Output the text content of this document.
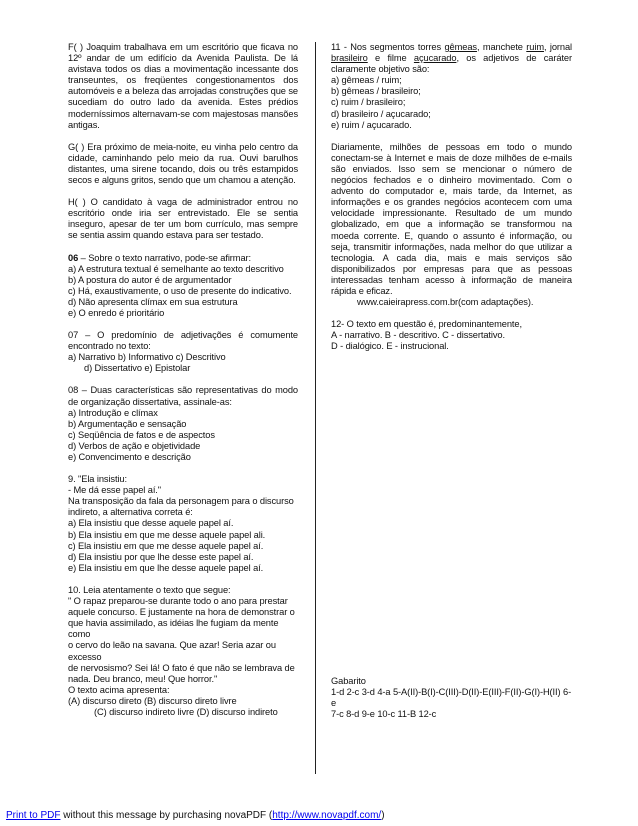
F( ) Joaquim trabalhava em um escritório que ficava no 12º andar de um edifício da Avenida Paulista. De lá avistava todos os dias a movimentação incessante dos transeuntes, os freqüentes congestionamentos dos automóveis e a beleza das arrojadas construções que se sucediam do outro lado da avenida. Estes prédios moderníssimos alternavam-se com majestosas mansões antigas.

G( ) Era próximo de meia-noite, eu vinha pelo centro da cidade, caminhando pelo meio da rua. Ouvi barulhos distantes, uma sirene tocando, dois ou três estampidos secos e alguns gritos, sendo que um chamou a atenção.

H( ) O candidato à vaga de administrador entrou no escritório onde iria ser entrevistado. Ele se sentia inseguro, apesar de ter um bom currículo, mas sempre se sentia assim quando estava para ser testado.

06 – Sobre o texto narrativo, pode-se afirmar:
a) A estrutura textual é semelhante ao texto descritivo
b) A postura do autor é de argumentador
c) Há, exaustivamente, o uso de presente do indicativo.
d) Não apresenta clímax em sua estrutura
e) O enredo é prioritário

07 – O predomínio de adjetivações é comumente encontrado no texto:
a) Narrativo b) Informativo c) Descritivo
d) Dissertativo e) Epistolar

08 – Duas características são representativas do modo de organização dissertativa, assinale-as:
a) Introdução e clímax
b) Argumentação e sensação
c) Seqüência de fatos e de aspectos
d) Verbos de ação e objetividade
e) Convencimento e descrição

9. "Ela insistiu:
- Me dá esse papel aí."
Na transposição da fala da personagem para o discurso
indireto, a alternativa correta é:
a) Ela insistiu que desse aquele papel aí.
b) Ela insistiu em que me desse aquele papel ali.
c) Ela insistiu em que me desse aquele papel aí.
d) Ela insistiu por que lhe desse este papel aí.
e) Ela insistiu em que lhe desse aquele papel aí.

10. Leia atentamente o texto que segue:
" O rapaz preparou-se durante todo o ano para prestar
aquele concurso. E justamente na hora de demonstrar o
que havia assimilado, as idéias lhe fugiam da mente como
o cervo do leão na savana. Que azar! Seria azar ou excesso
de nervosismo? Sei lá! O fato é que não se lembrava de
nada. Deu branco, meu! Que horror."
O texto acima apresenta:
(A) discurso direto (B) discurso direto livre
(C) discurso indireto livre (D) discurso indireto

11 - Nos segmentos torres gêmeas, manchete ruim, jornal brasileiro e filme açucarado, os adjetivos de caráter claramente objetivo são:
a) gêmeas / ruim;
b) gêmeas / brasileiro;
c) ruim / brasileiro;
d) brasileiro / açucarado;
e) ruim / açucarado.

Diariamente, milhões de pessoas em todo o mundo conectam-se à Internet e mais de doze milhões de e-mails são enviados. Isso sem se mencionar o número de negócios fechados e o dinheiro movimentado. Com o advento do computador e, mais tarde, da Internet, as informações e os grandes negócios acontecem com uma velocidade impressionante. Resultado de um mundo globalizado, em que a informação se transformou na moeda corrente. E, quando o assunto é informação, ou seja, transmitir informações, nada melhor do que utilizar a tecnologia. A cada dia, mais e mais serviços são disponibilizados por empresas para que as pessoas interessadas tenham acesso à informação de maneira rápida e eficaz.
www.caieirapress.com.br(com adaptações).

12- O texto em questão é, predominantemente,
A - narrativo. B - descritivo. C - dissertativo.
D - dialógico. E - instrucional.

Gabarito
1-d 2-c 3-d 4-a 5-A(II)-B(I)-C(III)-D(II)-E(III)-F(II)-G(I)-H(II) 6-e
7-c 8-d 9-e 10-c 11-B 12-c
Print to PDF without this message by purchasing novaPDF (http://www.novapdf.com/)
